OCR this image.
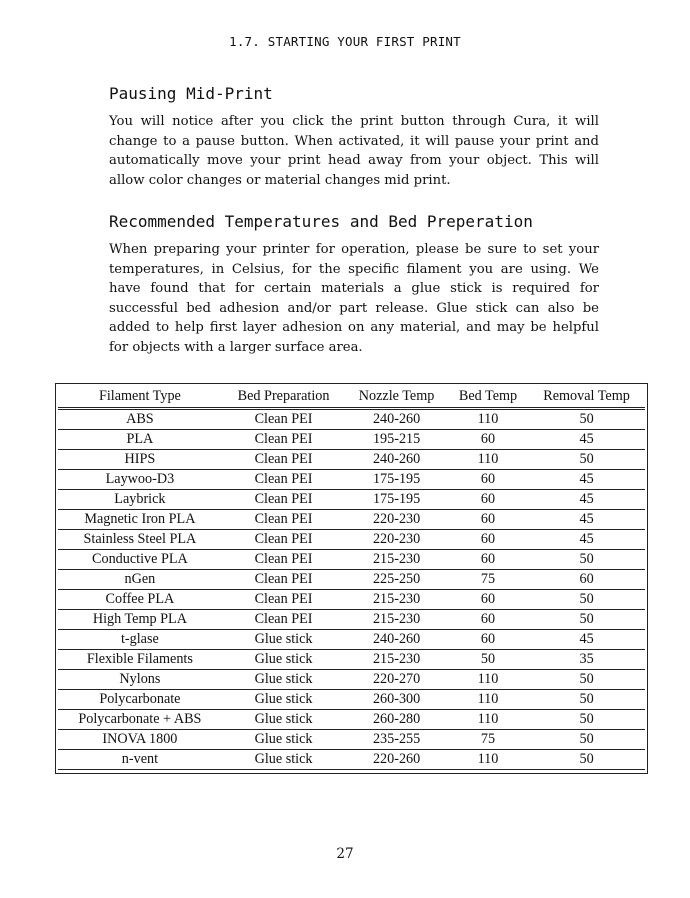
1.7. STARTING YOUR FIRST PRINT
Pausing Mid-Print

You will notice after you click the print button through Cura, it will change to a pause button. When activated, it will pause your print and automatically move your print head away from your object. This will allow color changes or material changes mid print.

Recommended Temperatures and Bed Preperation

When preparing your printer for operation, please be sure to set your temperatures, in Celsius, for the specific filament you are using. We have found that for certain materials a glue stick is required for successful bed adhesion and/or part release. Glue stick can also be added to help first layer adhesion on any material, and may be helpful for objects with a larger surface area.

Filament Type	Bed Preparation	Nozzle Temp	Bed Temp	Removal Temp
ABS	Clean PEI	240-260	110	50
PLA	Clean PEI	195-215	60	45
HIPS	Clean PEI	240-260	110	50
Laywoo-D3	Clean PEI	175-195	60	45
Laybrick	Clean PEI	175-195	60	45
Magnetic Iron PLA	Clean PEI	220-230	60	45
Stainless Steel PLA	Clean PEI	220-230	60	45
Conductive PLA	Clean PEI	215-230	60	50
nGen	Clean PEI	225-250	75	60
Coffee PLA	Clean PEI	215-230	60	50
High Temp PLA	Clean PEI	215-230	60	50
t-glase	Glue stick	240-260	60	45
Flexible Filaments	Glue stick	215-230	50	35
Nylons	Glue stick	220-270	110	50
Polycarbonate	Glue stick	260-300	110	50
Polycarbonate + ABS	Glue stick	260-280	110	50
INOVA 1800	Glue stick	235-255	75	50
n-vent	Glue stick	220-260	110	50
27
